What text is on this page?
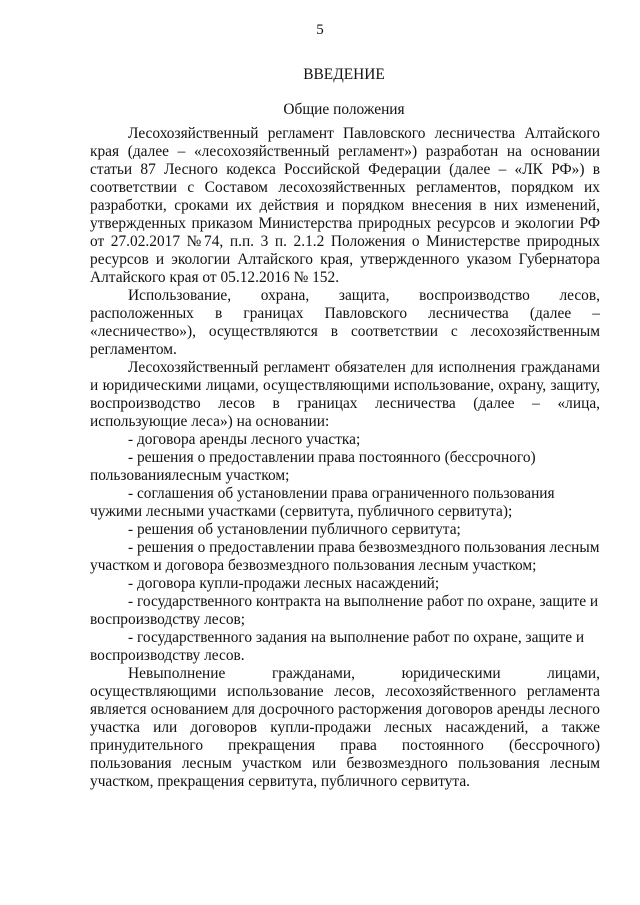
5
ВВЕДЕНИЕ
Общие положения

Лесохозяйственный регламент Павловского лесничества Алтайского края (далее – «лесохозяйственный регламент») разработан на основании статьи 87 Лесного кодекса Российской Федерации (далее – «ЛК РФ») в соответствии с Составом лесохозяйственных регламентов, порядком их разработки, сроками их действия и порядком внесения в них изменений, утвержденных приказом Министерства природных ресурсов и экологии РФ от 27.02.2017 №74, п.п. 3 п. 2.1.2 Положения о Министерстве природных ресурсов и экологии Алтайского края, утвержденного указом Губернатора Алтайского края от 05.12.2016 № 152.

Использование, охрана, защита, воспроизводство лесов, расположенных в границах Павловского лесничества (далее – «лесничество»), осуществляются в соответствии с лесохозяйственным регламентом.

Лесохозяйственный регламент обязателен для исполнения гражданами и юридическими лицами, осуществляющими использование, охрану, защиту, воспроизводство лесов в границах лесничества (далее – «лица, использующие леса») на основании:

- договора аренды лесного участка;

- решения о предоставлении права постоянного (бессрочного) пользованиялесным участком;

- соглашения об установлении права ограниченного пользования чужими лесными участками (сервитута, публичного сервитута);

- решения об установлении публичного сервитута;

- решения о предоставлении права безвозмездного пользования лесным участком и договора безвозмездного пользования лесным участком;

- договора купли-продажи лесных насаждений;

- государственного контракта на выполнение работ по охране, защите и воспроизводству лесов;

- государственного задания на выполнение работ по охране, защите и воспроизводству лесов.

Невыполнение гражданами, юридическими лицами, осуществляющими использование лесов, лесохозяйственного регламента является основанием для досрочного расторжения договоров аренды лесного участка или договоров купли-продажи лесных насаждений, а также принудительного прекращения права постоянного (бессрочного) пользования лесным участком или безвозмездного пользования лесным участком, прекращения сервитута, публичного сервитута.
